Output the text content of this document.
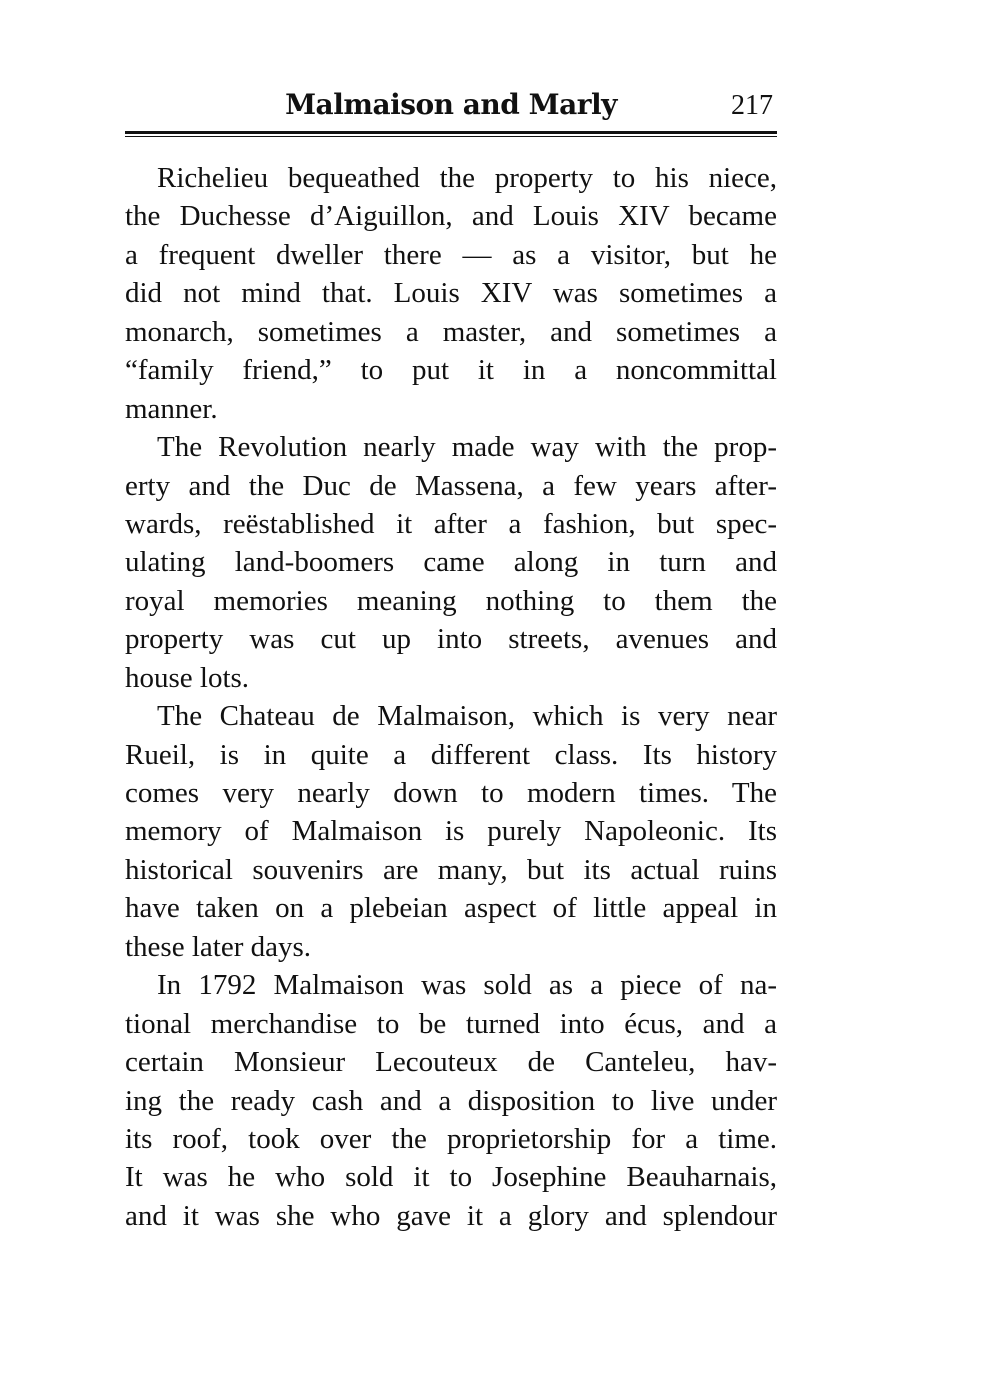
Malmaison and Marly	217
Richelieu bequeathed the property to his niece,
the Duchesse d’Aiguillon, and Louis XIV became
a frequent dweller there — as a visitor, but he
did not mind that. Louis XIV was sometimes a
monarch, sometimes a master, and sometimes a
“family friend,” to put it in a noncommittal
manner.
The Revolution nearly made way with the prop-
erty and the Duc de Massena, a few years after-
wards, reëstablished it after a fashion, but spec-
ulating land-boomers came along in turn and
royal memories meaning nothing to them the
property was cut up into streets, avenues and
house lots.
The Chateau de Malmaison, which is very near
Rueil, is in quite a different class. Its history
comes very nearly down to modern times. The
memory of Malmaison is purely Napoleonic. Its
historical souvenirs are many, but its actual ruins
have taken on a plebeian aspect of little appeal in
these later days.
In 1792 Malmaison was sold as a piece of na-
tional merchandise to be turned into écus, and a
certain Monsieur Lecouteux de Canteleu, hav-
ing the ready cash and a disposition to live under
its roof, took over the proprietorship for a time.
It was he who sold it to Josephine Beauharnais,
and it was she who gave it a glory and splendour
